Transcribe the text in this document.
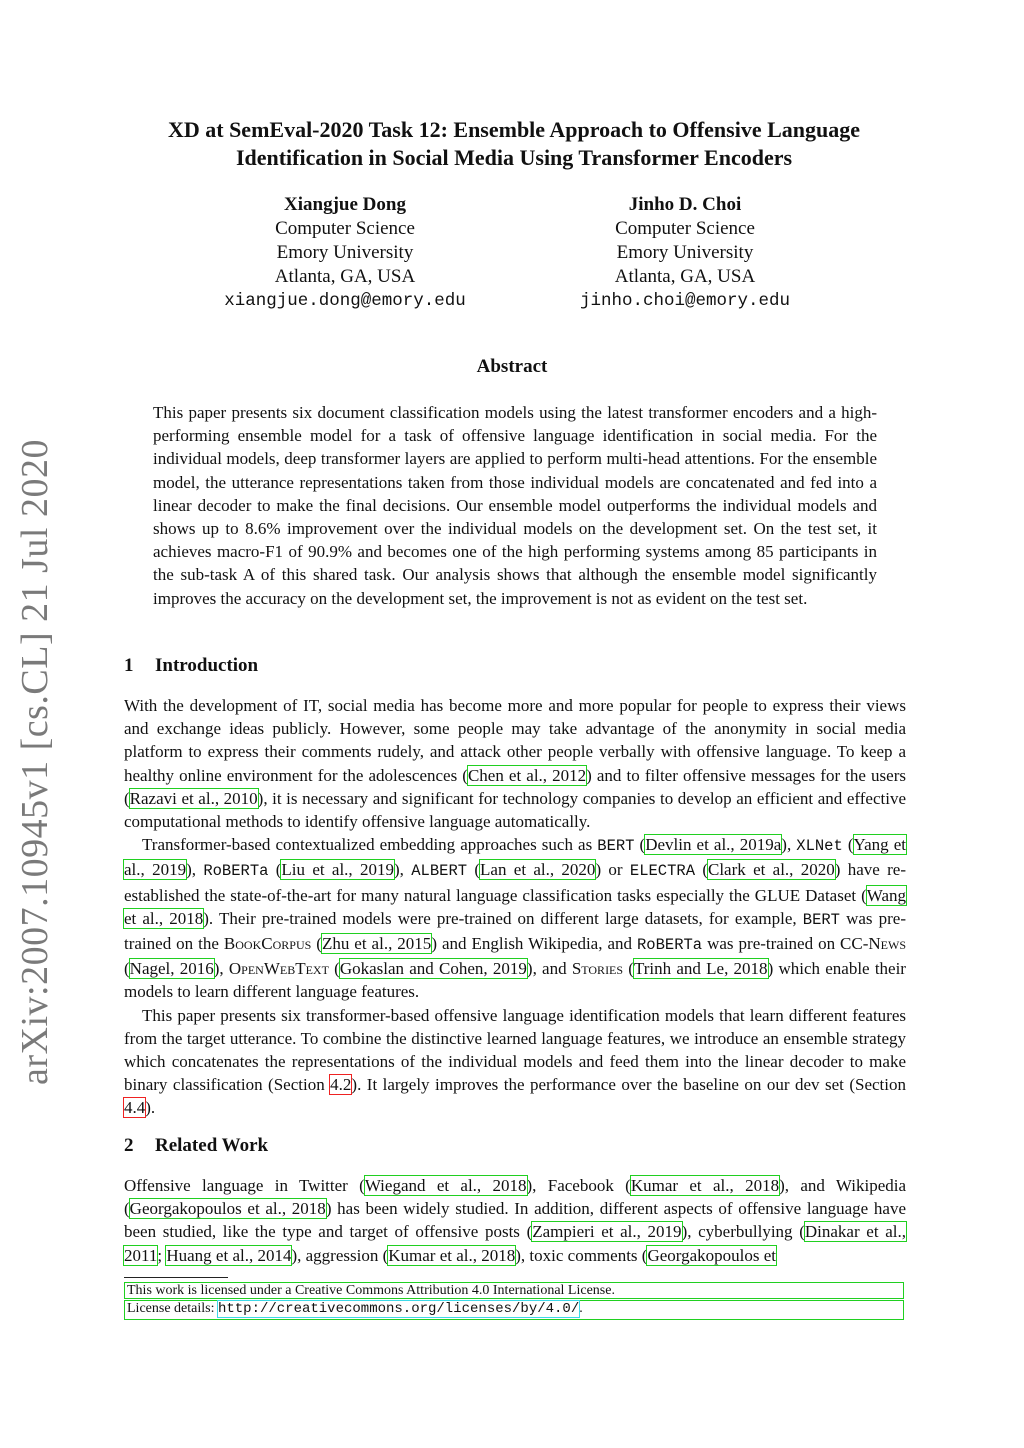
arXiv:2007.10945v1 [cs.CL] 21 Jul 2020
XD at SemEval-2020 Task 12: Ensemble Approach to Offensive Language
Identification in Social Media Using Transformer Encoders
Xiangjue Dong
Computer Science
Emory University
Atlanta, GA, USA
xiangjue.dong@emory.edu
Jinho D. Choi
Computer Science
Emory University
Atlanta, GA, USA
jinho.choi@emory.edu
Abstract

This paper presents six document classification models using the latest transformer encoders and a high-performing ensemble model for a task of offensive language identification in social media. For the individual models, deep transformer layers are applied to perform multi-head attentions. For the ensemble model, the utterance representations taken from those individual models are concatenated and fed into a linear decoder to make the final decisions. Our ensemble model outperforms the individual models and shows up to 8.6% improvement over the individual models on the development set. On the test set, it achieves macro-F1 of 90.9% and becomes one of the high performing systems among 85 participants in the sub-task A of this shared task. Our analysis shows that although the ensemble model significantly improves the accuracy on the development set, the improvement is not as evident on the test set.

1 Introduction

With the development of IT, social media has become more and more popular for people to express their views and exchange ideas publicly. However, some people may take advantage of the anonymity in social media platform to express their comments rudely, and attack other people verbally with offensive language. To keep a healthy online environment for the adolescences (Chen et al., 2012) and to filter offensive messages for the users (Razavi et al., 2010), it is necessary and significant for technology companies to develop an efficient and effective computational methods to identify offensive language automatically.

Transformer-based contextualized embedding approaches such as BERT (Devlin et al., 2019a), XLNet (Yang et al., 2019), RoBERTa (Liu et al., 2019), ALBERT (Lan et al., 2020) or ELECTRA (Clark et al., 2020) have re-established the state-of-the-art for many natural language classification tasks especially the GLUE Dataset (Wang et al., 2018). Their pre-trained models were pre-trained on different large datasets, for example, BERT was pre-trained on the BookCorpus (Zhu et al., 2015) and English Wikipedia, and RoBERTa was pre-trained on CC-News (Nagel, 2016), OpenWebText (Gokaslan and Cohen, 2019), and Stories (Trinh and Le, 2018) which enable their models to learn different language features.

This paper presents six transformer-based offensive language identification models that learn different features from the target utterance. To combine the distinctive learned language features, we introduce an ensemble strategy which concatenates the representations of the individual models and feed them into the linear decoder to make binary classification (Section 4.2). It largely improves the performance over the baseline on our dev set (Section 4.4).

2 Related Work

Offensive language in Twitter (Wiegand et al., 2018), Facebook (Kumar et al., 2018), and Wikipedia (Georgakopoulos et al., 2018) has been widely studied. In addition, different aspects of offensive language have been studied, like the type and target of offensive posts (Zampieri et al., 2019), cyberbullying (Dinakar et al., 2011; Huang et al., 2014), aggression (Kumar et al., 2018), toxic comments (Georgakopoulos et

This work is licensed under a Creative Commons Attribution 4.0 International License.
License details: http://creativecommons.org/licenses/by/4.0/.
